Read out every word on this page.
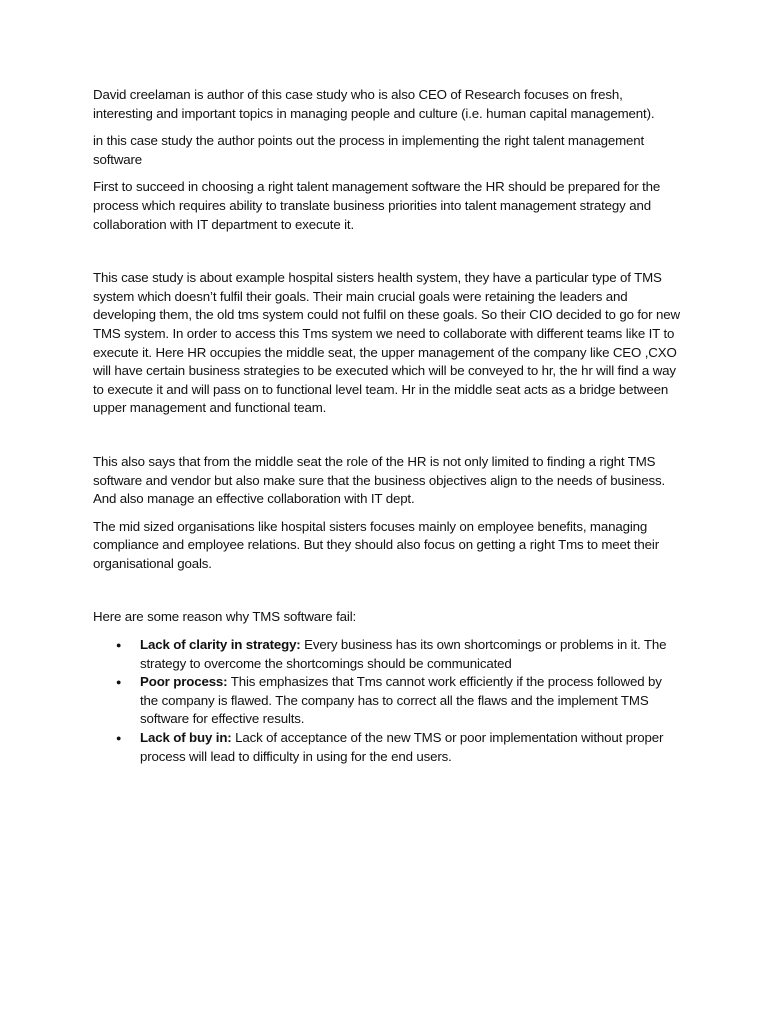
David creelaman is author of this case study who is also CEO of Research focuses on fresh, interesting and important topics in managing people and culture (i.e. human capital management).

in this case study the author points out the process in implementing the right talent management software

First to succeed in choosing a right talent management software the HR should be prepared for the process which requires ability to translate business priorities into talent management strategy and collaboration with IT department to execute it.

This case study is about example hospital sisters health system, they have a particular type of TMS system which doesn’t fulfil their goals. Their main crucial goals were retaining the leaders and developing them, the old tms system could not fulfil on these goals. So their CIO decided to go for new TMS system. In order to access this Tms system we need to collaborate with different teams like IT to execute it. Here HR occupies the middle seat, the upper management of the company like CEO ,CXO will have certain business strategies to be executed which will be conveyed to hr, the hr will find a way to execute it and will pass on to functional level team. Hr in the middle seat acts as a bridge between upper management and functional team.

This also says that from the middle seat the role of the HR is not only limited to finding a right TMS software and vendor but also make sure that the business objectives align to the needs of business. And also manage an effective collaboration with IT dept.

The mid sized organisations like hospital sisters focuses mainly on employee benefits, managing compliance and employee relations. But they should also focus on getting a right Tms to meet their organisational goals.

Here are some reason why TMS software fail:

● Lack of clarity in strategy: Every business has its own shortcomings or problems in it. The strategy to overcome the shortcomings should be communicated
● Poor process: This emphasizes that Tms cannot work efficiently if the process followed by the company is flawed. The company has to correct all the flaws and the implement TMS software for effective results.
● Lack of buy in: Lack of acceptance of the new TMS or poor implementation without proper process will lead to difficulty in using for the end users.
